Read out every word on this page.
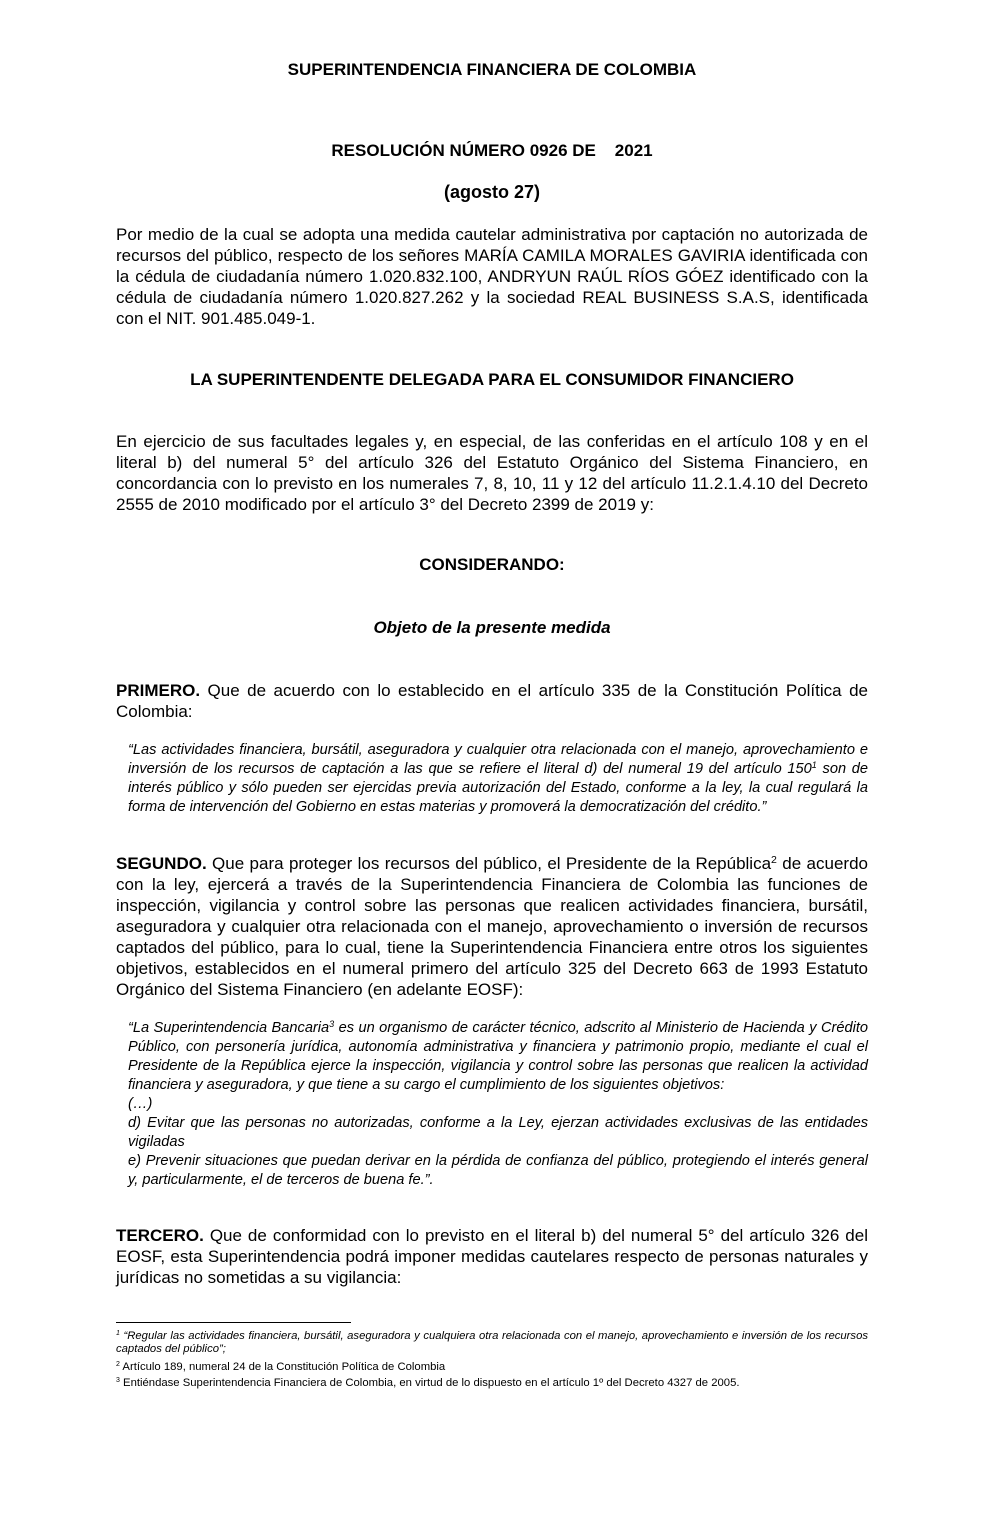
SUPERINTENDENCIA FINANCIERA DE COLOMBIA

RESOLUCIÓN NÚMERO 0926 DE    2021

(agosto 27)

Por medio de la cual se adopta una medida cautelar administrativa por captación no autorizada de recursos del público, respecto de los señores MARÍA CAMILA MORALES GAVIRIA identificada con la cédula de ciudadanía número 1.020.832.100, ANDRYUN RAÚL RÍOS GÓEZ identificado con la cédula de ciudadanía número 1.020.827.262 y la sociedad REAL BUSINESS S.A.S, identificada con el NIT. 901.485.049-1.

LA SUPERINTENDENTE DELEGADA PARA EL CONSUMIDOR FINANCIERO

En ejercicio de sus facultades legales y, en especial, de las conferidas en el artículo 108 y en el literal b) del numeral 5° del artículo 326 del Estatuto Orgánico del Sistema Financiero, en concordancia con lo previsto en los numerales 7, 8, 10, 11 y 12 del artículo 11.2.1.4.10 del Decreto 2555 de 2010 modificado por el artículo 3° del Decreto 2399 de 2019 y:

CONSIDERANDO:

Objeto de la presente medida

PRIMERO. Que de acuerdo con lo establecido en el artículo 335 de la Constitución Política de Colombia:

“Las actividades financiera, bursátil, aseguradora y cualquier otra relacionada con el manejo, aprovechamiento e inversión de los recursos de captación a las que se refiere el literal d) del numeral 19 del artículo $150^1$ son de interés público y sólo pueden ser ejercidas previa autorización del Estado, conforme a la ley, la cual regulará la forma de intervención del Gobierno en estas materias y promoverá la democratización del crédito.”

SEGUNDO. Que para proteger los recursos del público, el Presidente de la República$^2$ de acuerdo con la ley, ejercerá a través de la Superintendencia Financiera de Colombia las funciones de inspección, vigilancia y control sobre las personas que realicen actividades financiera, bursátil, aseguradora y cualquier otra relacionada con el manejo, aprovechamiento o inversión de recursos captados del público, para lo cual, tiene la Superintendencia Financiera entre otros los siguientes objetivos, establecidos en el numeral primero del artículo 325 del Decreto 663 de 1993 Estatuto Orgánico del Sistema Financiero (en adelante EOSF):

“La Superintendencia Bancaria$^3$ es un organismo de carácter técnico, adscrito al Ministerio de Hacienda y Crédito Público, con personería jurídica, autonomía administrativa y financiera y patrimonio propio, mediante el cual el Presidente de la República ejerce la inspección, vigilancia y control sobre las personas que realicen la actividad financiera y aseguradora, y que tiene a su cargo el cumplimiento de los siguientes objetivos:
(…)
d) Evitar que las personas no autorizadas, conforme a la Ley, ejerzan actividades exclusivas de las entidades vigiladas
e) Prevenir situaciones que puedan derivar en la pérdida de confianza del público, protegiendo el interés general y, particularmente, el de terceros de buena fe.”.

TERCERO. Que de conformidad con lo previsto en el literal b) del numeral 5° del artículo 326 del EOSF, esta Superintendencia podrá imponer medidas cautelares respecto de personas naturales y jurídicas no sometidas a su vigilancia:

$^1$ “Regular las actividades financiera, bursátil, aseguradora y cualquiera otra relacionada con el manejo, aprovechamiento e inversión de los recursos captados del público”;

$^2$ Artículo 189, numeral 24 de la Constitución Política de Colombia

$^3$ Entiéndase Superintendencia Financiera de Colombia, en virtud de lo dispuesto en el artículo 1º del Decreto 4327 de 2005.
